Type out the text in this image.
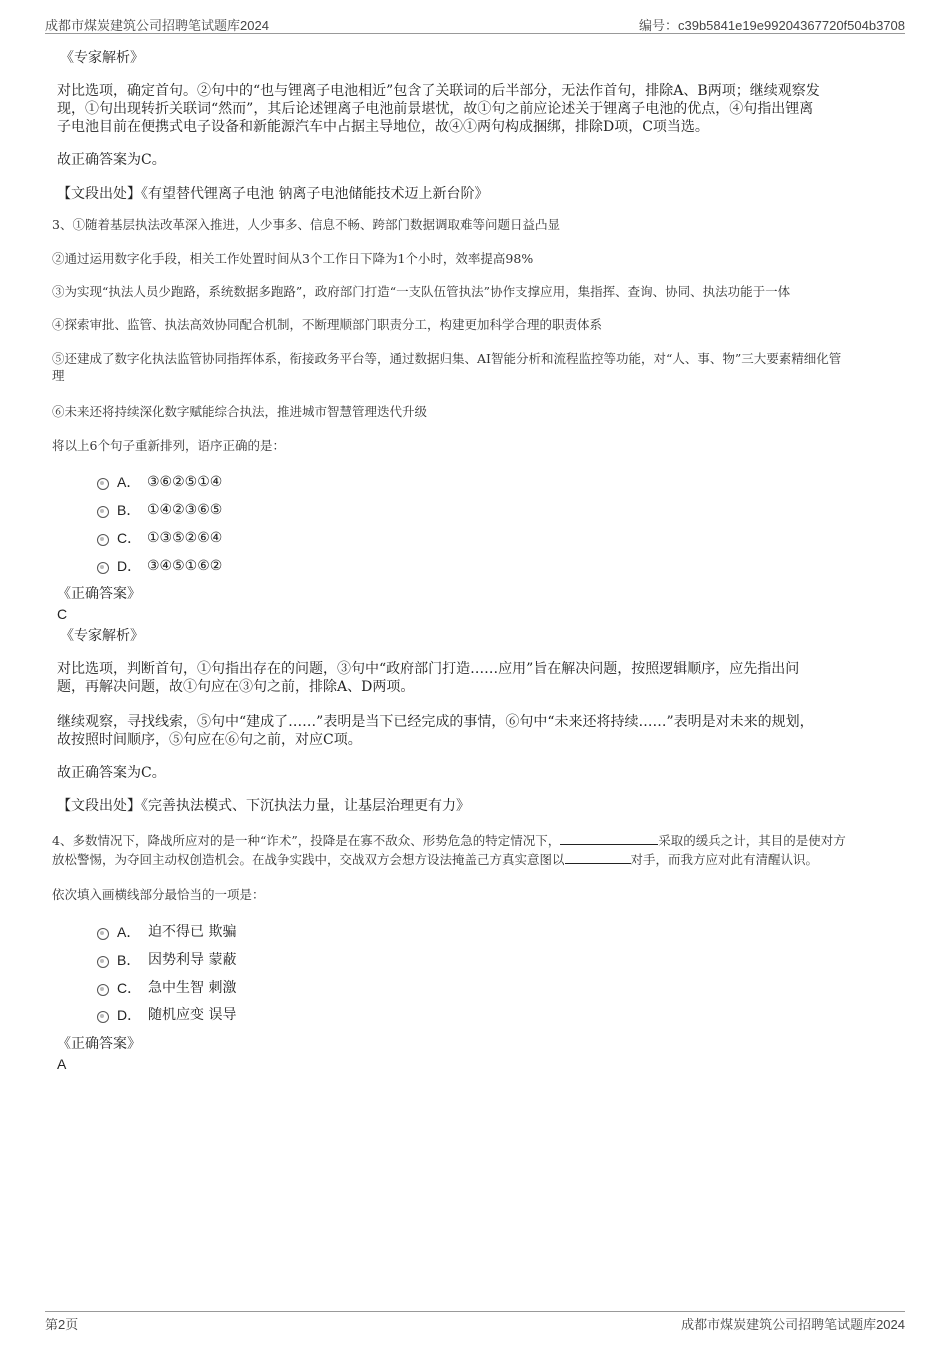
成都市煤炭建筑公司招聘笔试题库2024	编号：c39b5841e19e99204367720f504b3708
《专家解析》
对比选项，确定首句。②句中的“也与锂离子电池相近”包含了关联词的后半部分，无法作首句，排除A、B两项；继续观察发
现，①句出现转折关联词“然而”，其后论述锂离子电池前景堪忧，故①句之前应论述关于锂离子电池的优点，④句指出锂离
子电池目前在便携式电子设备和新能源汽车中占据主导地位，故④①两句构成捆绑，排除D项，C项当选。
故正确答案为C。
【文段出处】《有望替代锂离子电池 钠离子电池储能技术迈上新台阶》
3、①随着基层执法改革深入推进，人少事多、信息不畅、跨部门数据调取难等问题日益凸显
②通过运用数字化手段，相关工作处置时间从3个工作日下降为1个小时，效率提高98%
③为实现“执法人员少跑路，系统数据多跑路”，政府部门打造“一支队伍管执法”协作支撑应用，集指挥、查询、协同、执法功能于一体
④探索审批、监管、执法高效协同配合机制，不断理顺部门职责分工，构建更加科学合理的职责体系
⑤还建成了数字化执法监管协同指挥体系，衔接政务平台等，通过数据归集、AI智能分析和流程监控等功能，对“人、事、物”三大要素精细化管
理
⑥未来还将持续深化数字赋能综合执法，推进城市智慧管理迭代升级
将以上6个句子重新排列，语序正确的是：
A． ③⑥②⑤①④
B． ①④②③⑥⑤
C． ①③⑤②⑥④
D． ③④⑤①⑥②
《正确答案》
C
《专家解析》
对比选项，判断首句，①句指出存在的问题，③句中“政府部门打造……应用”旨在解决问题，按照逻辑顺序，应先指出问
题，再解决问题，故①句应在③句之前，排除A、D两项。
继续观察，寻找线索，⑤句中“建成了……”表明是当下已经完成的事情，⑥句中“未来还将持续……”表明是对未来的规划，
故按照时间顺序，⑤句应在⑥句之前，对应C项。
故正确答案为C。
【文段出处】《完善执法模式、下沉执法力量，让基层治理更有力》
4、多数情况下，降战所应对的是一种“诈术”，投降是在寡不敌众、形势危急的特定情况下，	采取的缓兵之计，其目的是使对方
放松警惕，为夺回主动权创造机会。在战争实践中，交战双方会想方设法掩盖己方真实意图以	对手，而我方应对此有清醒认识。
依次填入画横线部分最恰当的一项是：
A． 迫不得已 欺骗
B． 因势利导 蒙蔽
C． 急中生智 刺激
D． 随机应变 误导
《正确答案》
A
第2页	成都市煤炭建筑公司招聘笔试题库2024
